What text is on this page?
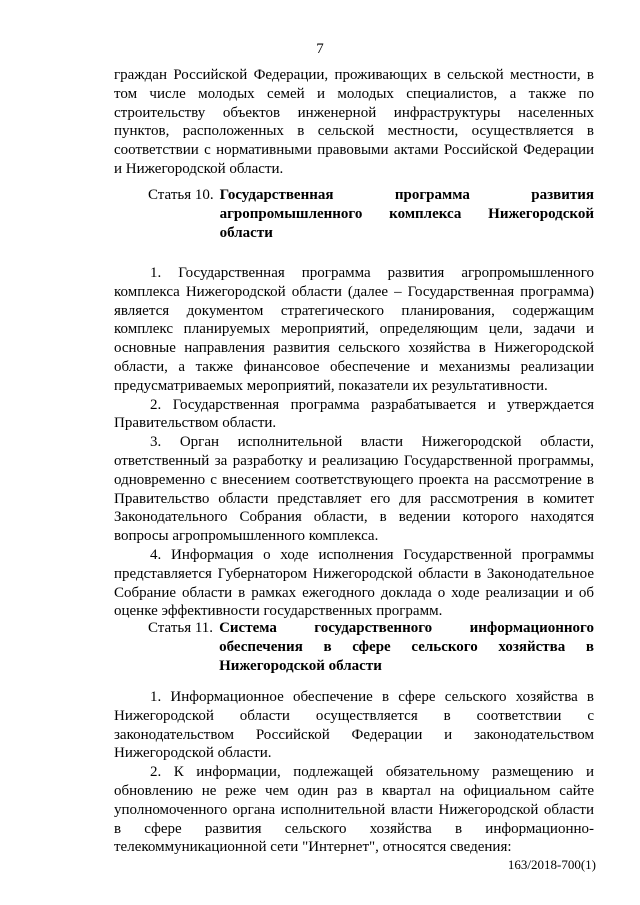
7

граждан Российской Федерации, проживающих в сельской местности, в том числе молодых семей и молодых специалистов, а также по строительству объектов инженерной инфраструктуры населенных пунктов, расположенных в сельской местности, осуществляется в соответствии с нормативными правовыми актами Российской Федерации и Нижегородской области.

Статья 10. Государственная программа развития агропромышленного комплекса Нижегородской области

1. Государственная программа развития агропромышленного комплекса Нижегородской области (далее – Государственная программа) является документом стратегического планирования, содержащим комплекс планируемых мероприятий, определяющим цели, задачи и основные направления развития сельского хозяйства в Нижегородской области, а также финансовое обеспечение и механизмы реализации предусматриваемых мероприятий, показатели их результативности.

2. Государственная программа разрабатывается и утверждается Правительством области.

3. Орган исполнительной власти Нижегородской области, ответственный за разработку и реализацию Государственной программы, одновременно с внесением соответствующего проекта на рассмотрение в Правительство области представляет его для рассмотрения в комитет Законодательного Собрания области, в ведении которого находятся вопросы агропромышленного комплекса.

4. Информация о ходе исполнения Государственной программы представляется Губернатором Нижегородской области в Законодательное Собрание области в рамках ежегодного доклада о ходе реализации и об оценке эффективности государственных программ.

Статья 11. Система государственного информационного обеспечения в сфере сельского хозяйства в Нижегородской области

1. Информационное обеспечение в сфере сельского хозяйства в Нижегородской области осуществляется в соответствии с законодательством Российской Федерации и законодательством Нижегородской области.

2. К информации, подлежащей обязательному размещению и обновлению не реже чем один раз в квартал на официальном сайте уполномоченного органа исполнительной власти Нижегородской области в сфере развития сельского хозяйства в информационно-телекоммуникационной сети "Интернет", относятся сведения:

163/2018-700(1)
